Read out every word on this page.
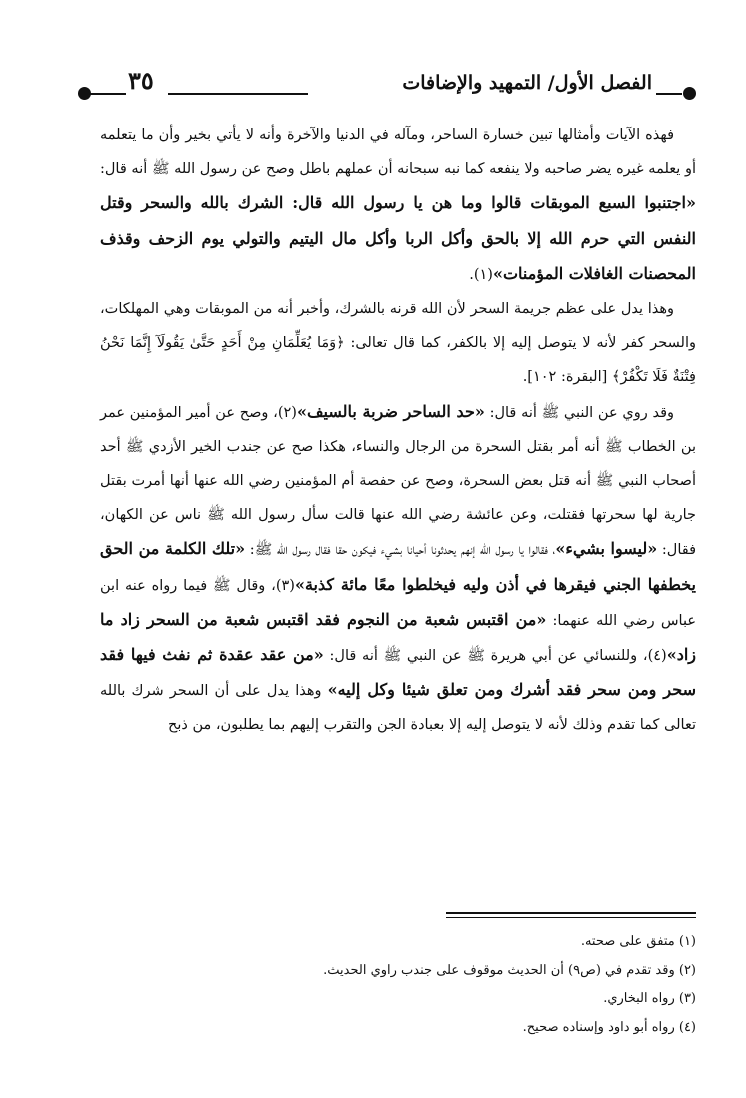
٣٥	الفصل الأول/ التمهيد والإضافات

فهذه الآيات وأمثالها تبين خسارة الساحر، ومآله في الدنيا والآخرة وأنه لا يأتي بخير وأن ما يتعلمه أو يعلمه غيره يضر صاحبه ولا ينفعه كما نبه سبحانه أن عملهم باطل وصح عن رسول الله ﷺ أنه قال: «اجتنبوا السبع الموبقات قالوا وما هن يا رسول الله قال: الشرك بالله والسحر وقتل النفس التي حرم الله إلا بالحق وأكل الربا وأكل مال اليتيم والتولي يوم الزحف وقذف المحصنات الغافلات المؤمنات»(١).

وهذا يدل على عظم جريمة السحر لأن الله قرنه بالشرك، وأخبر أنه من الموبقات وهي المهلكات، والسحر كفر لأنه لا يتوصل إليه إلا بالكفر، كما قال تعالى: ﴿وَمَا يُعَلِّمَانِ مِنْ أَحَدٍ حَتَّىٰ يَقُولَآ إِنَّمَا نَحْنُ فِتْنَةٌ فَلَا تَكْفُرْ﴾ [البقرة: ١٠٢].

وقد روي عن النبي ﷺ أنه قال: «حد الساحر ضربة بالسيف»(٢)، وصح عن أمير المؤمنين عمر بن الخطاب ﷺ أنه أمر بقتل السحرة من الرجال والنساء، هكذا صح عن جندب الخير الأزدي ﷺ أحد أصحاب النبي ﷺ أنه قتل بعض السحرة، وصح عن حفصة أم المؤمنين رضي الله عنها أنها أمرت بقتل جارية لها سحرتها فقتلت، وعن عائشة رضي الله عنها قالت سأل رسول الله ﷺ ناس عن الكهان، فقال: «ليسوا بشيء»، فقالوا يا رسول الله إنهم يحدثونا أحيانا بشيء فيكون حقا فقال رسول الله ﷺ: «تلك الكلمة من الحق يخطفها الجني فيقرها في أذن وليه فيخلطوا معًا مائة كذبة»(٣)، وقال ﷺ فيما رواه عنه ابن عباس رضي الله عنهما: «من اقتبس شعبة من النجوم فقد اقتبس شعبة من السحر زاد ما زاد»(٤)، وللنسائي عن أبي هريرة ﷺ عن النبي ﷺ أنه قال: «من عقد عقدة ثم نفث فيها فقد سحر ومن سحر فقد أشرك ومن تعلق شيئا وكل إليه» وهذا يدل على أن السحر شرك بالله تعالى كما تقدم وذلك لأنه لا يتوصل إليه إلا بعبادة الجن والتقرب إليهم بما يطلبون، من ذبح

(١) متفق على صحته.
(٢) وقد تقدم في (ص٩) أن الحديث موقوف على جندب راوي الحديث.
(٣) رواه البخاري.
(٤) رواه أبو داود وإسناده صحيح.
